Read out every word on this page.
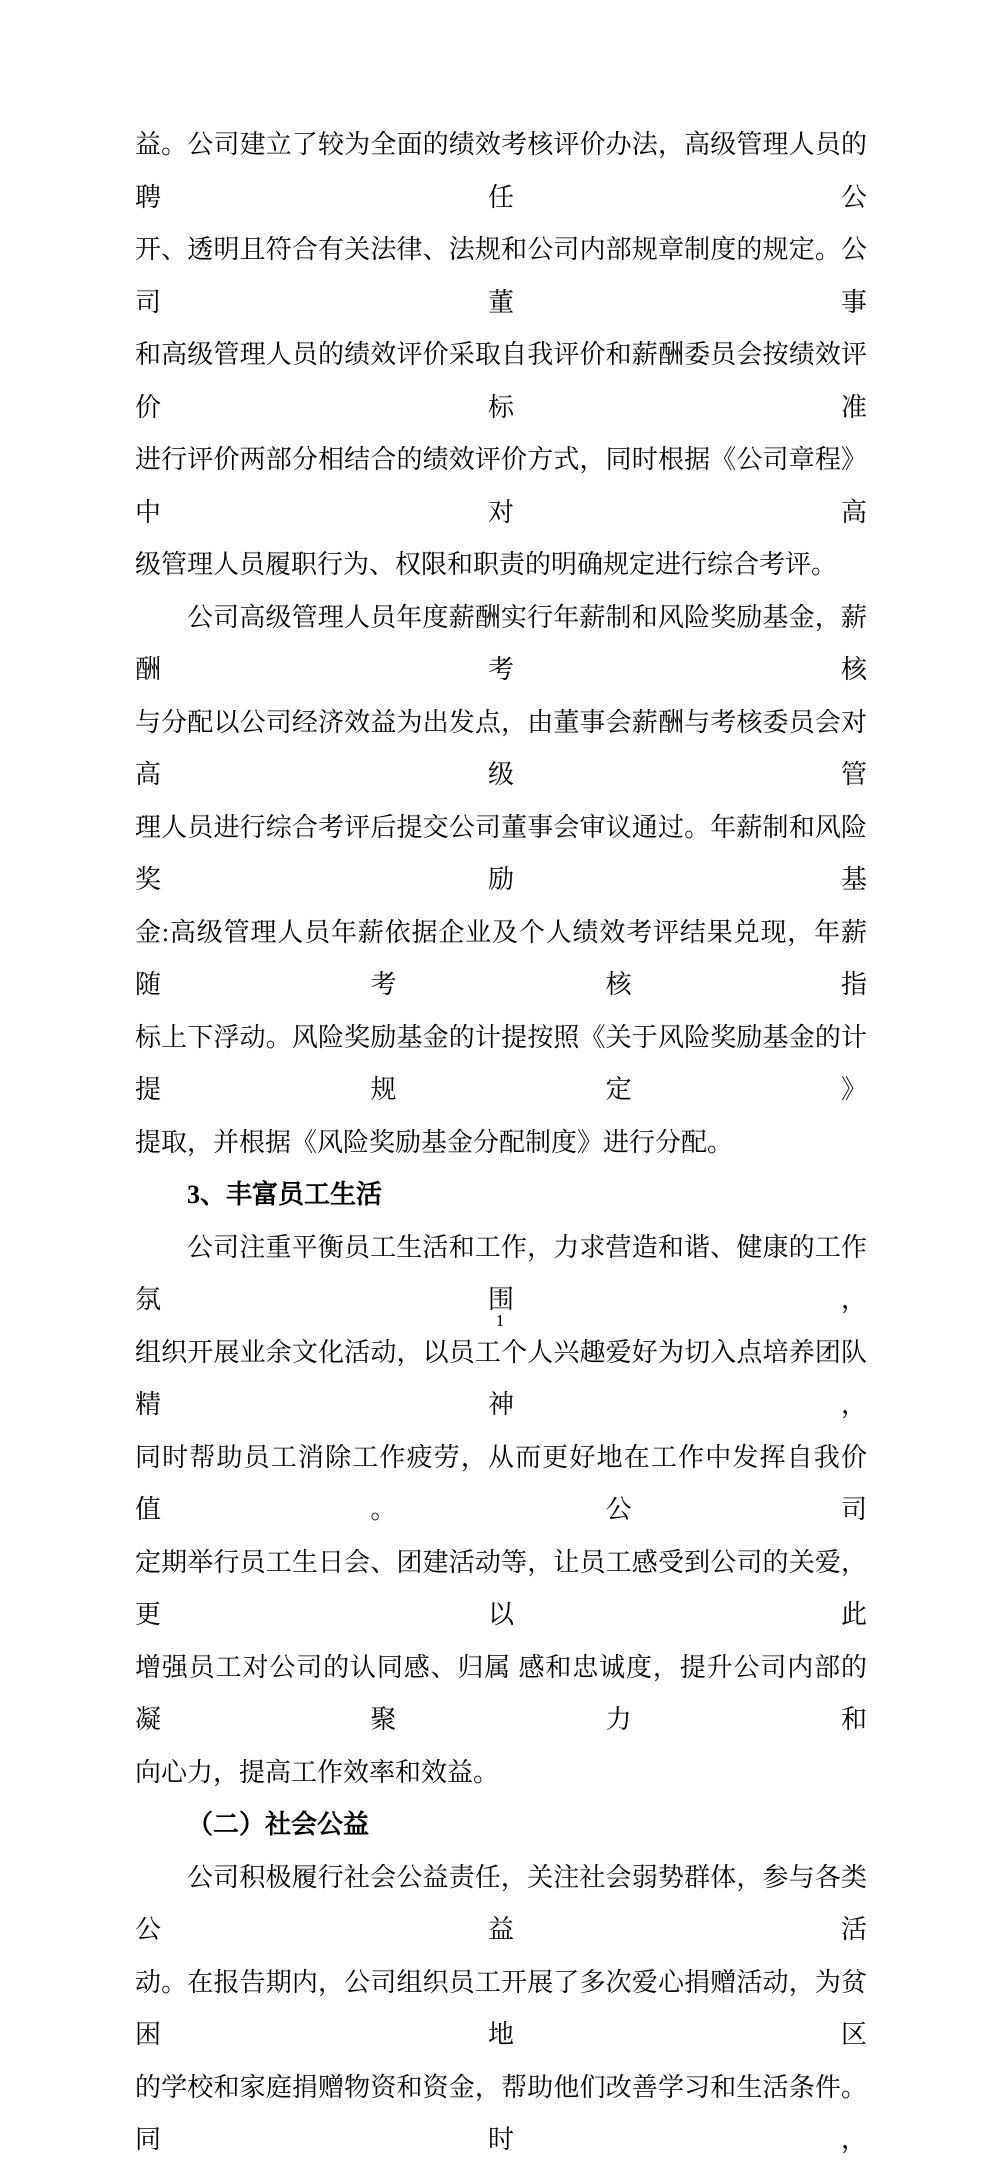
益。公司建立了较为全面的绩效考核评价办法，高级管理人员的聘任公
开、透明且符合有关法律、法规和公司内部规章制度的规定。公司董事
和高级管理人员的绩效评价采取自我评价和薪酬委员会按绩效评价标准
进行评价两部分相结合的绩效评价方式，同时根据《公司章程》中对高
级管理人员履职行为、权限和职责的明确规定进行综合考评。
公司高级管理人员年度薪酬实行年薪制和风险奖励基金，薪酬考核
与分配以公司经济效益为出发点，由董事会薪酬与考核委员会对高级管
理人员进行综合考评后提交公司董事会审议通过。年薪制和风险奖励基
金:高级管理人员年薪依据企业及个人绩效考评结果兑现，年薪随考核指
标上下浮动。风险奖励基金的计提按照《关于风险奖励基金的计提规定》
提取，并根据《风险奖励基金分配制度》进行分配。
3、丰富员工生活
公司注重平衡员工生活和工作，力求营造和谐、健康的工作氛围，
组织开展业余文化活动，以员工个人兴趣爱好为切入点培养团队精神，
同时帮助员工消除工作疲劳，从而更好地在工作中发挥自我价值。公司
定期举行员工生日会、团建活动等，让员工感受到公司的关爱，更以此
增强员工对公司的认同感、归属 感和忠诚度，提升公司内部的凝聚力和
向心力，提高工作效率和效益。
（二）社会公益
公司积极履行社会公益责任，关注社会弱势群体，参与各类公益活
动。在报告期内，公司组织员工开展了多次爱心捐赠活动，为贫困地区
的学校和家庭捐赠物资和资金，帮助他们改善学习和生活条件。同时，
1
